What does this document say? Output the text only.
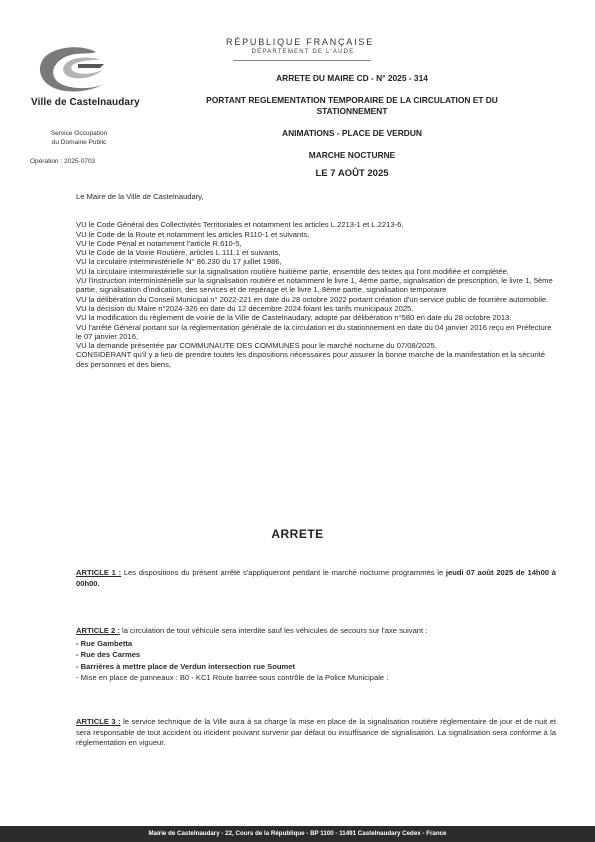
Ville de Castelnaudary
Service Occupation
du Domaine Public
Opération : 2025-0703
RÉPUBLIQUE FRANÇAISE
DÉPARTEMENT DE L'AUDE
ARRETE DU MAIRE CD - N° 2025 - 314
PORTANT REGLEMENTATION TEMPORAIRE DE LA CIRCULATION ET DU
STATIONNEMENT
ANIMATIONS - PLACE DE VERDUN
MARCHE NOCTURNE
LE 7 AOÛT 2025

Le Maire de la Ville de Castelnaudary,

VU le Code Général des Collectivités Territoriales et notamment les articles L.2213-1 et L.2213-6,

VU le Code de la Route et notamment les articles R110-1 et suivants,

VU le Code Pénal et notamment l'article R.610-5,

VU le Code de la Voirie Routière, articles L.111.1 et suivants,

VU la circulaire interministérielle N° 86.230 du 17 juillet 1986,

VU la circulaire interministérielle sur la signalisation routière huitième partie, ensemble des textes qui l'ont modifiée et complétée,

VU l'instruction interministérielle sur la signalisation routière et notamment le livre 1, 4ème partie, signalisation de prescription, le livre 1, 5ème partie, signalisation d'indication, des services et de repérage et le livre 1, 8ème partie, signalisation temporaire

VU la délibération du Conseil Municipal n° 2022-221 en date du 28 octobre 2022 portant création d'un service public de fourrière automobile.

VU la décision du Maire n°2024-326 en date du 12 décembre 2024 fixant les tarifs municipaux 2025.

VU la modification du règlement de voirie de la Ville de Castelnaudary, adopté par délibération n°580 en date du 28 octobre 2013.

VU l'arrêté Général portant sur la réglementation générale de la circulation et du stationnement en date du 04 janvier 2016 reçu en Préfecture le 07 janvier 2016,

VU la demande présentée par COMMUNAUTE DES COMMUNES pour le marché nocturne du 07/08/2025.

CONSIDERANT qu'il y a lieu de prendre toutes les dispositions nécessaires pour assurer la bonne marche de la manifestation et la sécurité des personnes et des biens,

ARRETE

ARTICLE 1 : Les dispositions du présent arrêté s'appliqueront pendant le marché nocturne programmés le jeudi 07 août 2025 de 14h00 à 00h00.

ARTICLE 2 : la circulation de tout véhicule sera interdite sauf les véhicules de secours sur l'axe suivant :

- Rue Gambetta

- Rue des Carmes

- Barrières à mettre place de Verdun intersection rue Soumet

- Mise en place de panneaux : B0 - KC1 Route barrée sous contrôle de la Police Municipale :

ARTICLE 3 : le service technique de la Ville aura à sa charge la mise en place de la signalisation routière réglementaire de jour et de nuit et sera responsable de tout accident ou incident pouvant survenir par défaut ou insuffisance de signalisation. La signalisation sera conforme à la réglementation en vigueur.

Mairie de Castelnaudary - 22, Cours de la République - BP 1100 - 11491 Castelnaudary Cedex - France
